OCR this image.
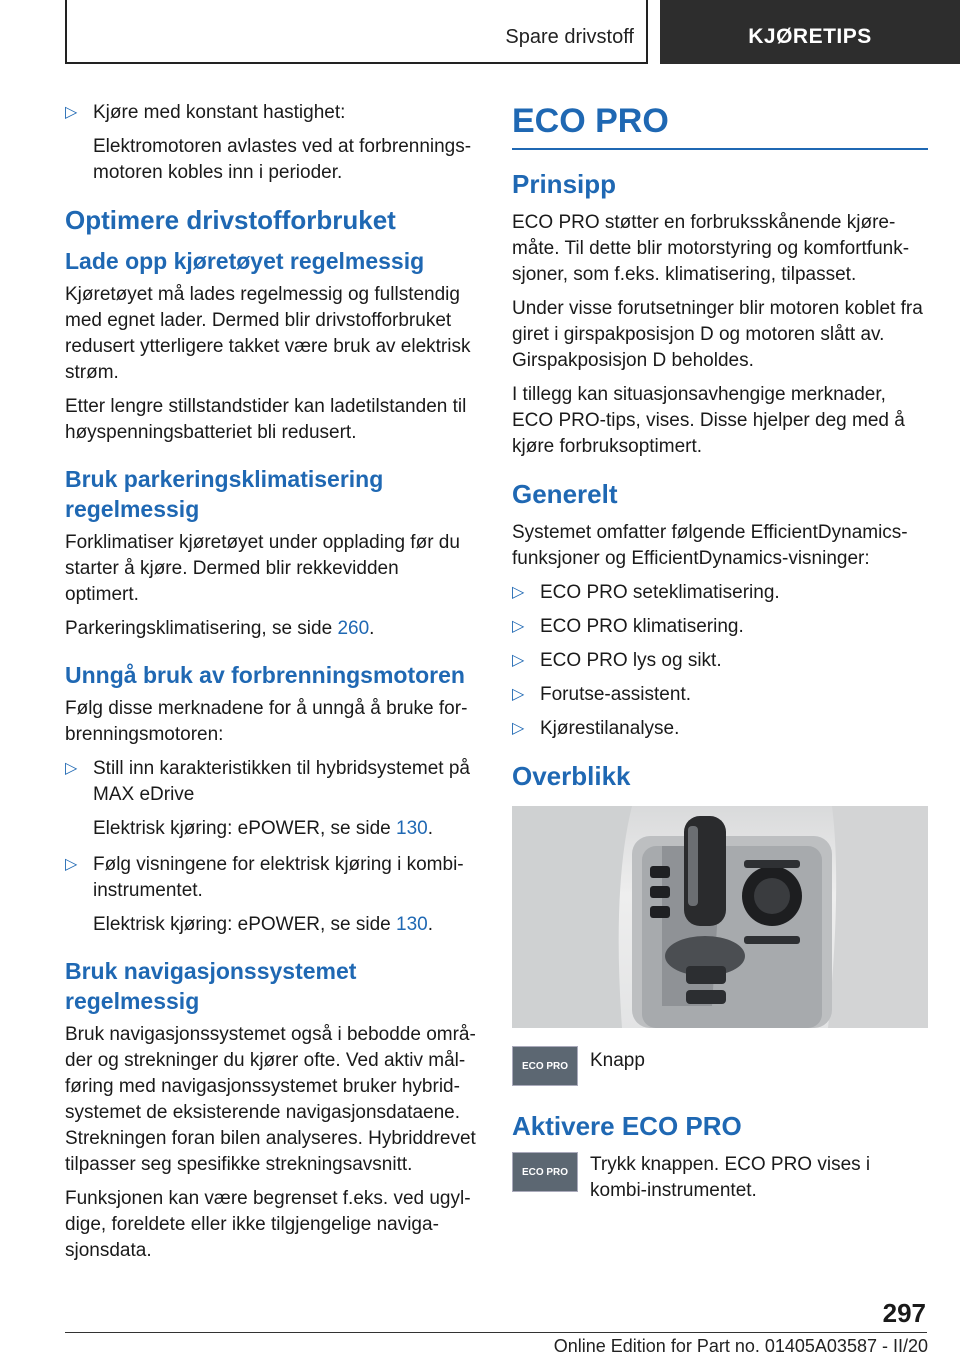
Spare drivstoff	KJØRETIPS
▷ Kjøre med konstant hastighet:

Elektromotoren avlastes ved at forbrenningsmotoren kobles inn i perioder.

Optimere drivstofforbruket
Lade opp kjøretøyet regelmessig

Kjøretøyet må lades regelmessig og fullstendig med egnet lader. Dermed blir drivstofforbruket redusert ytterligere takket være bruk av elektrisk strøm.

Etter lengre stillstandstider kan ladetilstanden til høyspenningsbatteriet bli redusert.

Bruk parkeringsklimatisering regelmessig

Forklimatiser kjøretøyet under opplading før du starter å kjøre. Dermed blir rekkevidden optimert.

Parkeringsklimatisering, se side 260.

Unngå bruk av forbrenningsmotoren

Følg disse merknadene for å unngå å bruke forbrenningsmotoren:

▷ Still inn karakteristikken til hybridsystemet på MAX eDrive

Elektrisk kjøring: ePOWER, se side 130.

▷ Følg visningene for elektrisk kjøring i kombiinstrumentet.

Elektrisk kjøring: ePOWER, se side 130.

Bruk navigasjonssystemet regelmessig

Bruk navigasjonssystemet også i bebodde områder og strekninger du kjører ofte. Ved aktiv målføring med navigasjonssystemet bruker hybridsystemet de eksisterende navigasjonsdataene. Strekningen foran bilen analyseres. Hybriddrevet tilpasser seg spesifikke strekningsavsnitt.

Funksjonen kan være begrenset f.eks. ved ugyldige, foreldete eller ikke tilgjengelige navigasjonsdata.

ECO PRO
Prinsipp

ECO PRO støtter en forbruksskånende kjøremåte. Til dette blir motorstyring og komfortfunksjoner, som f.eks. klimatisering, tilpasset.

Under visse forutsetninger blir motoren koblet fra giret i girspakposisjon D og motoren slått av. Girspakposisjon D beholdes.

I tillegg kan situasjonsavhengige merknader, ECO PRO-tips, vises. Disse hjelper deg med å kjøre forbruksoptimert.

Generelt

Systemet omfatter følgende EfficientDynamics-funksjoner og EfficientDynamics-visninger:

▷ ECO PRO seteklimatisering.

▷ ECO PRO klimatisering.

▷ ECO PRO lys og sikt.

▷ Forutse-assistent.

▷ Kjørestilanalyse.

Overblikk
ECO PRO	Knapp

Aktivere ECO PRO
ECO PRO	Trykk knappen. ECO PRO vises i kombi-instrumentet.

297
Online Edition for Part no. 01405A03587 - II/20
